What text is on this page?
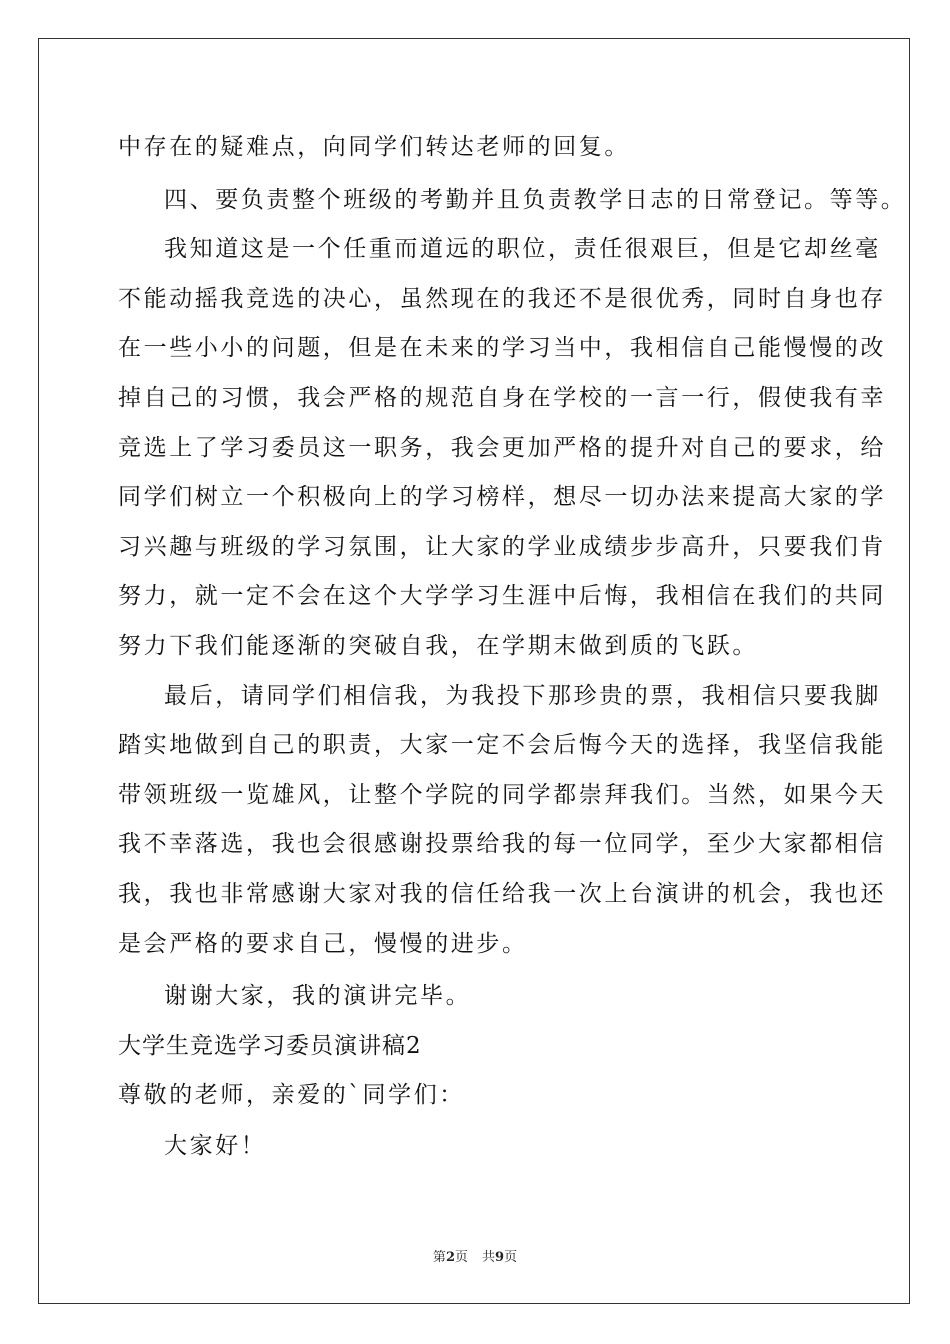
中存在的疑难点，向同学们转达老师的回复。
四、要负责整个班级的考勤并且负责教学日志的日常登记。等等。
我知道这是一个任重而道远的职位，责任很艰巨，但是它却丝毫
不能动摇我竞选的决心，虽然现在的我还不是很优秀，同时自身也存
在一些小小的问题，但是在未来的学习当中，我相信自己能慢慢的改
掉自己的习惯，我会严格的规范自身在学校的一言一行，假使我有幸
竞选上了学习委员这一职务，我会更加严格的提升对自己的要求，给
同学们树立一个积极向上的学习榜样，想尽一切办法来提高大家的学
习兴趣与班级的学习氛围，让大家的学业成绩步步高升，只要我们肯
努力，就一定不会在这个大学学习生涯中后悔，我相信在我们的共同
努力下我们能逐渐的突破自我，在学期末做到质的飞跃。
最后，请同学们相信我，为我投下那珍贵的票，我相信只要我脚
踏实地做到自己的职责，大家一定不会后悔今天的选择，我坚信我能
带领班级一览雄风，让整个学院的同学都崇拜我们。当然，如果今天
我不幸落选，我也会很感谢投票给我的每一位同学，至少大家都相信
我，我也非常感谢大家对我的信任给我一次上台演讲的机会，我也还
是会严格的要求自己，慢慢的进步。
谢谢大家，我的演讲完毕。
大学生竞选学习委员演讲稿2
尊敬的老师，亲爱的`同学们：
大家好！
第2页 共9页
